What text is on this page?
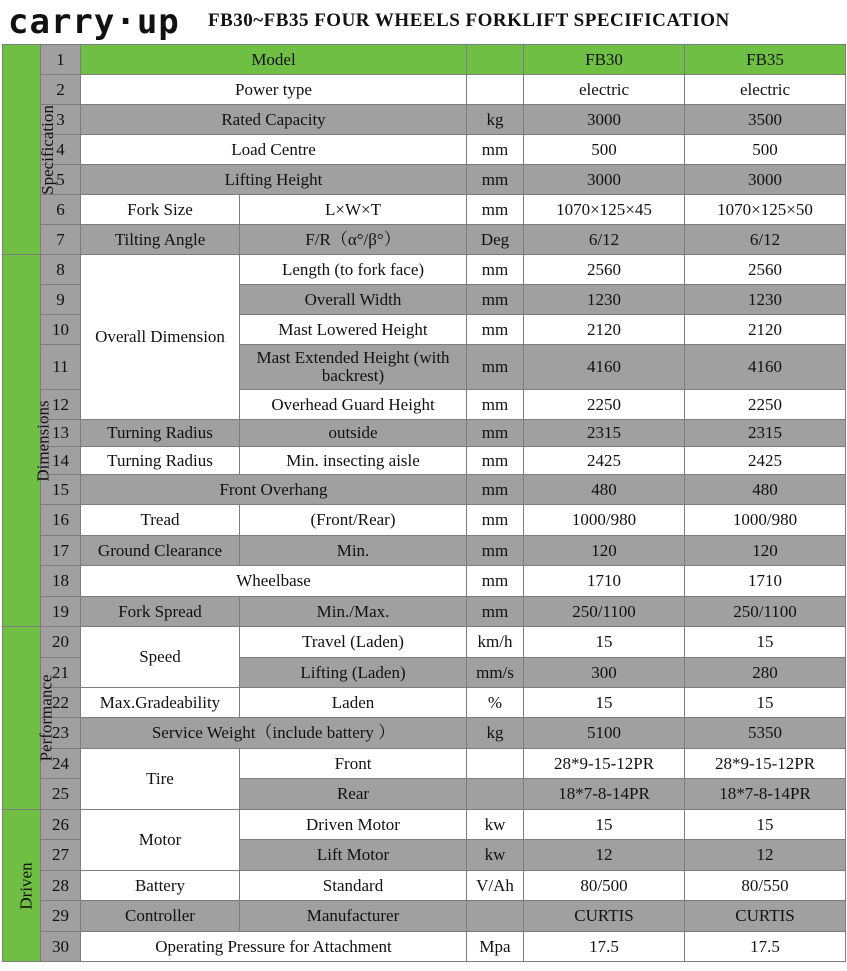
carry·up FB30~FB35 FOUR WHEELS FORKLIFT SPECIFICATION
Specification	1	Model			FB30	FB35
	2	Power type			electric	electric
	3	Rated Capacity		kg	3000	3500
	4	Load Centre		mm	500	500
	5	Lifting Height		mm	3000	3000
	6	Fork Size	L×W×T	mm	1070×125×45	1070×125×50
	7	Tilting Angle	F/R（α°/β°）	Deg	6/12	6/12
Dimensions	8	Overall Dimension	Length (to fork face)	mm	2560	2560
	9		Overall Width	mm	1230	1230
	10		Mast Lowered Height	mm	2120	2120
	11		Mast Extended Height (with backrest)	mm	4160	4160
	12		Overhead Guard Height	mm	2250	2250
	13	Turning Radius	outside	mm	2315	2315
	14	Turning Radius	Min. insecting aisle	mm	2425	2425
	15	Front Overhang		mm	480	480
	16	Tread	(Front/Rear)	mm	1000/980	1000/980
	17	Ground Clearance	Min.	mm	120	120
	18	Wheelbase		mm	1710	1710
	19	Fork Spread	Min./Max.	mm	250/1100	250/1100
Performance	20	Speed	Travel (Laden)	km/h	15	15
	21		Lifting (Laden)	mm/s	300	280
	22	Max.Gradeability	Laden	%	15	15
	23	Service Weight（include battery ）		kg	5100	5350
	24	Tire	Front		28*9-15-12PR	28*9-15-12PR
	25		Rear		18*7-8-14PR	18*7-8-14PR
Driven	26	Motor	Driven Motor	kw	15	15
	27		Lift Motor	kw	12	12
	28	Battery	Standard	V/Ah	80/500	80/550
	29	Controller	Manufacturer		CURTIS	CURTIS
	30	Operating Pressure for Attachment		Mpa	17.5	17.5
